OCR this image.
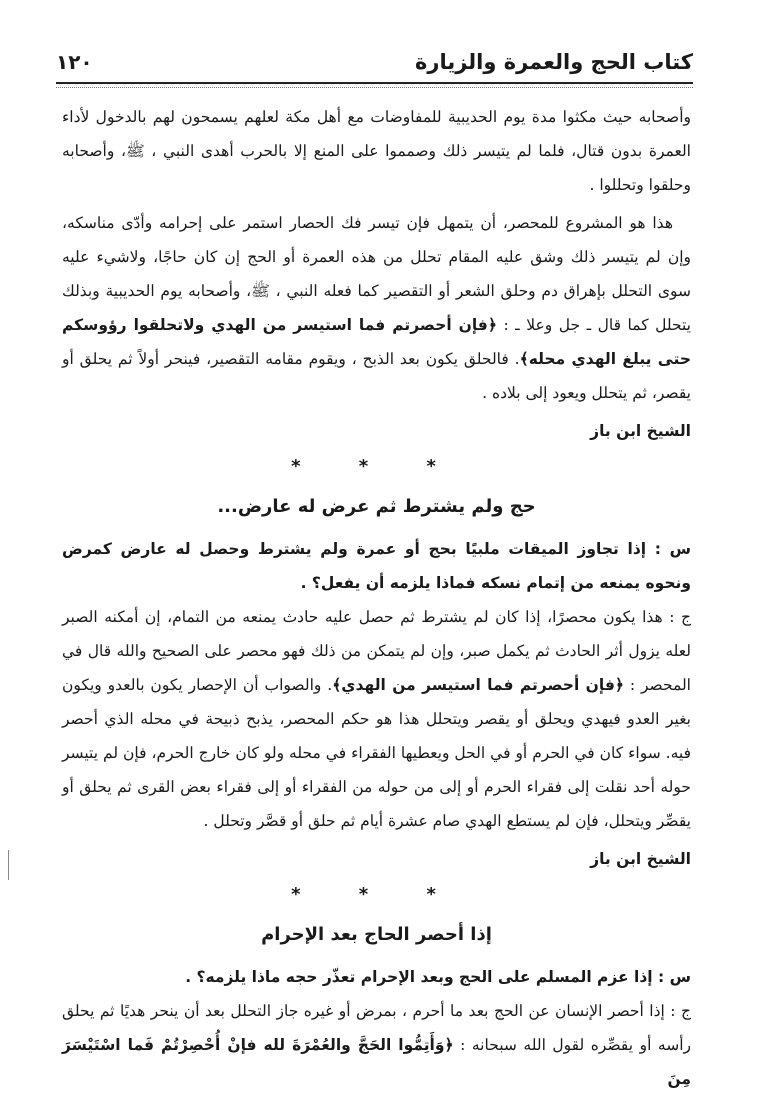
كتاب الحج والعمرة والزيارة
١٢٠

وأصحابه حيث مكثوا مدة يوم الحديبية للمفاوضات مع أهل مكة لعلهم يسمحون لهم بالدخول لأداء العمرة بدون قتال، فلما لم يتيسر ذلك وصمموا على المنع إلا بالحرب أهدى النبي ، ﷺ، وأصحابه وحلقوا وتحللوا .

هذا هو المشروع للمحصر، أن يتمهل فإن تيسر فك الحصار استمر على إحرامه وأدّى مناسكه، وإن لم يتيسر ذلك وشق عليه المقام تحلل من هذه العمرة أو الحج إن كان حاجًا، ولاشيء عليه سوى التحلل بإهراق دم وحلق الشعر أو التقصير كما فعله النبي ، ﷺ، وأصحابه يوم الحديبية وبذلك يتحلل كما قال ـ جل وعلا ـ : ﴿فإن أحصرتم فما استيسر من الهدي ولاتحلقوا رؤوسكم حتى يبلغ الهدي محله﴾. فالحلق يكون بعد الذبح ، ويقوم مقامه التقصير، فينحر أولاً ثم يحلق أو يقصر، ثم يتحلل ويعود إلى بلاده .

الشيخ ابن باز
* * *
حج ولم يشترط ثم عرض له عارض...

س : إذا تجاوز الميقات ملبيًا بحج أو عمرة ولم يشترط وحصل له عارض كمرض ونحوه يمنعه من إتمام نسكه فماذا يلزمه أن يفعل؟ .

ج : هذا يكون محصرًا، إذا كان لم يشترط ثم حصل عليه حادث يمنعه من التمام، إن أمكنه الصبر لعله يزول أثر الحادث ثم يكمل صبر، وإن لم يتمكن من ذلك فهو محصر على الصحيح والله قال في المحصر : ﴿فإن أحصرتم فما استيسر من الهدي﴾. والصواب أن الإحصار يكون بالعدو ويكون بغير العدو فيهدي ويحلق أو يقصر ويتحلل هذا هو حكم المحصر، يذبح ذبيحة في محله الذي أحصر فيه. سواء كان في الحرم أو في الحل ويعطيها الفقراء في محله ولو كان خارج الحرم، فإن لم يتيسر حوله أحد نقلت إلى فقراء الحرم أو إلى من حوله من الفقراء أو إلى فقراء بعض القرى ثم يحلق أو يقصِّر ويتحلل، فإن لم يستطع الهدي صام عشرة أيام ثم حلق أو قصَّر وتحلل .

الشيخ ابن باز
* * *
إذا أحصر الحاج بعد الإحرام

س : إذا عزم المسلم على الحج وبعد الإحرام تعذّر حجه ماذا يلزمه؟ .

ج : إذا أحصر الإنسان عن الحج بعد ما أحرم ، بمرض أو غيره جاز التحلل بعد أن ينحر هديًا ثم يحلق رأسه أو يقصِّره لقول الله سبحانه : ﴿وَأَتِمُّوا الحَجَّ والعُمْرَةَ لله فإنْ أُحْصِرْتُمْ فَما اسْتَيْسَرَ مِنَ
